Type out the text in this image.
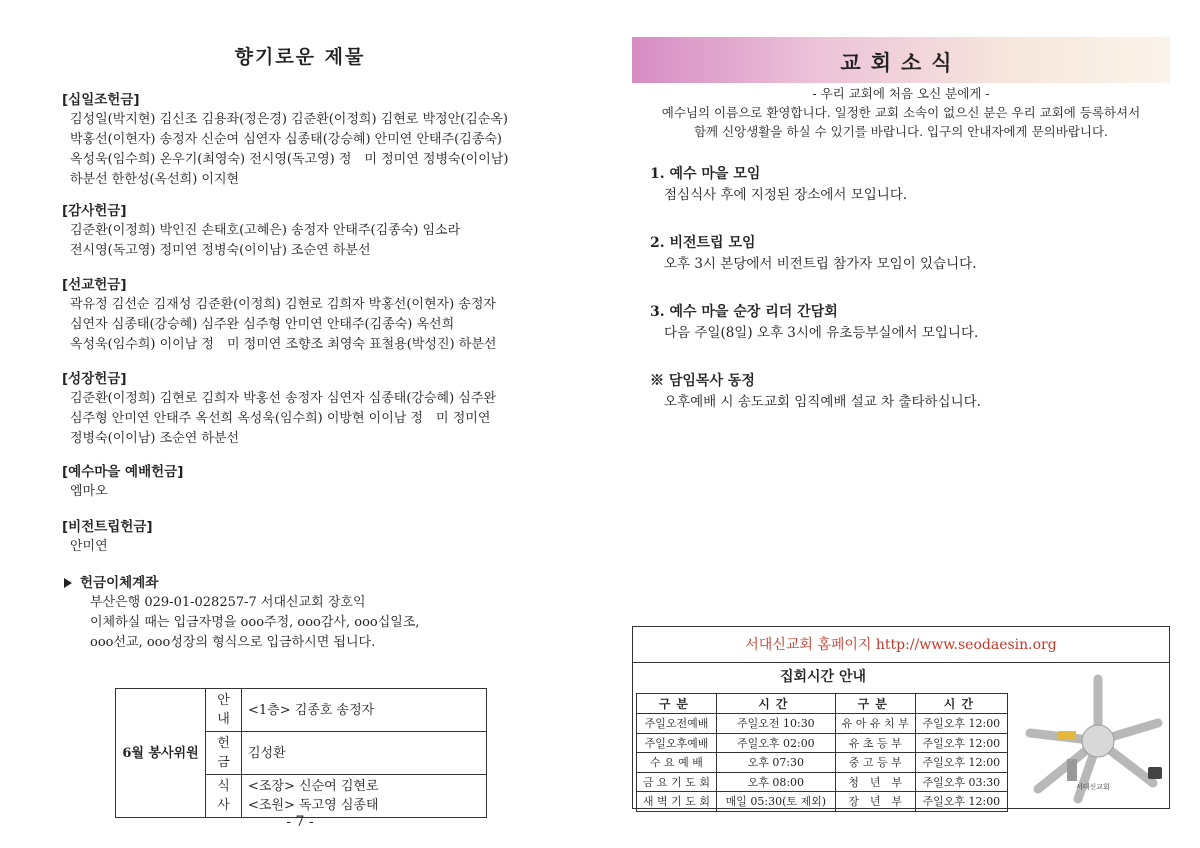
향기로운 제물
[십일조헌금]
김성일(박지현) 김신조 김용좌(정은경) 김준환(이정희) 김현로 박정안(김순옥)
박홍선(이현자) 송정자 신순여 심연자 심종태(강승혜) 안미연 안태주(김종숙)
옥성욱(임수희) 온우기(최영숙) 전시영(독고영) 정　미 정미연 정병숙(이이남)
하분선 한한성(옥선희) 이지현
[감사헌금]
김준환(이정희) 박인진 손태호(고혜은) 송정자 안태주(김종숙) 임소라
전시영(독고영) 정미연 정병숙(이이남) 조순연 하분선
[선교헌금]
곽유정 김선순 김재성 김준환(이정희) 김현로 김희자 박홍선(이현자) 송정자
심연자 심종태(강승혜) 심주완 심주형 안미연 안태주(김종숙) 옥선희
옥성욱(임수희) 이이남 정　미 정미연 조향조 최영숙 표철용(박성진) 하분선
[성장헌금]
김준환(이정희) 김현로 김희자 박홍선 송정자 심연자 심종태(강승혜) 심주완
심주형 안미연 안태주 옥선희 옥성욱(임수희) 이방현 이이남 정　미 정미연
정병숙(이이남) 조순연 하분선
[예수마을 예배헌금]
엠마오
[비전트립헌금]
안미연
헌금이체계좌
부산은행 029-01-028257-7 서대신교회 장호익
이체하실 때는 입금자명을 ooo주정, ooo감사, ooo십일조,
ooo선교, ooo성장의 형식으로 입금하시면 됩니다.
6월 봉사위원	안내	<1층> 김종호 송정자
	헌금	김성환
	식사	<조장> 신순여 김현로
<조원> 독고영 심종태
- 7 -
교회소식
- 우리 교회에 처음 오신 분에게 -
예수님의 이름으로 환영합니다. 일정한 교회 소속이 없으신 분은 우리 교회에 등록하셔서
함께 신앙생활을 하실 수 있기를 바랍니다. 입구의 안내자에게 문의바랍니다.
1. 예수 마을 모임
점심식사 후에 지정된 장소에서 모입니다.
2. 비전트립 모임
오후 3시 본당에서 비전트립 참가자 모임이 있습니다.
3. 예수 마을 순장 리더 간담회
다음 주일(8일) 오후 3시에 유초등부실에서 모입니다.
※ 담임목사 동정
오후예배 시 송도교회 임직예배 설교 차 출타하십니다.
서대신교회 홈페이지 http://www.seodaesin.org
집회시간 안내
구분	시간	구분	시간
주일오전예배	주일오전 10:30	유 아 유 치 부	주일오후 12:00
주일오후예배	주일오후 02:00	유 초 등 부	주일오후 12:00
수 요 예 배	오후 07:30	중 고 등 부	주일오후 12:00
금 요 기 도 회	오후 08:00	청　년　부	주일오후 03:30
새 벽 기 도 회	매일 05:30(토 제외)	장　년　부	주일오후 12:00
서대신교회
